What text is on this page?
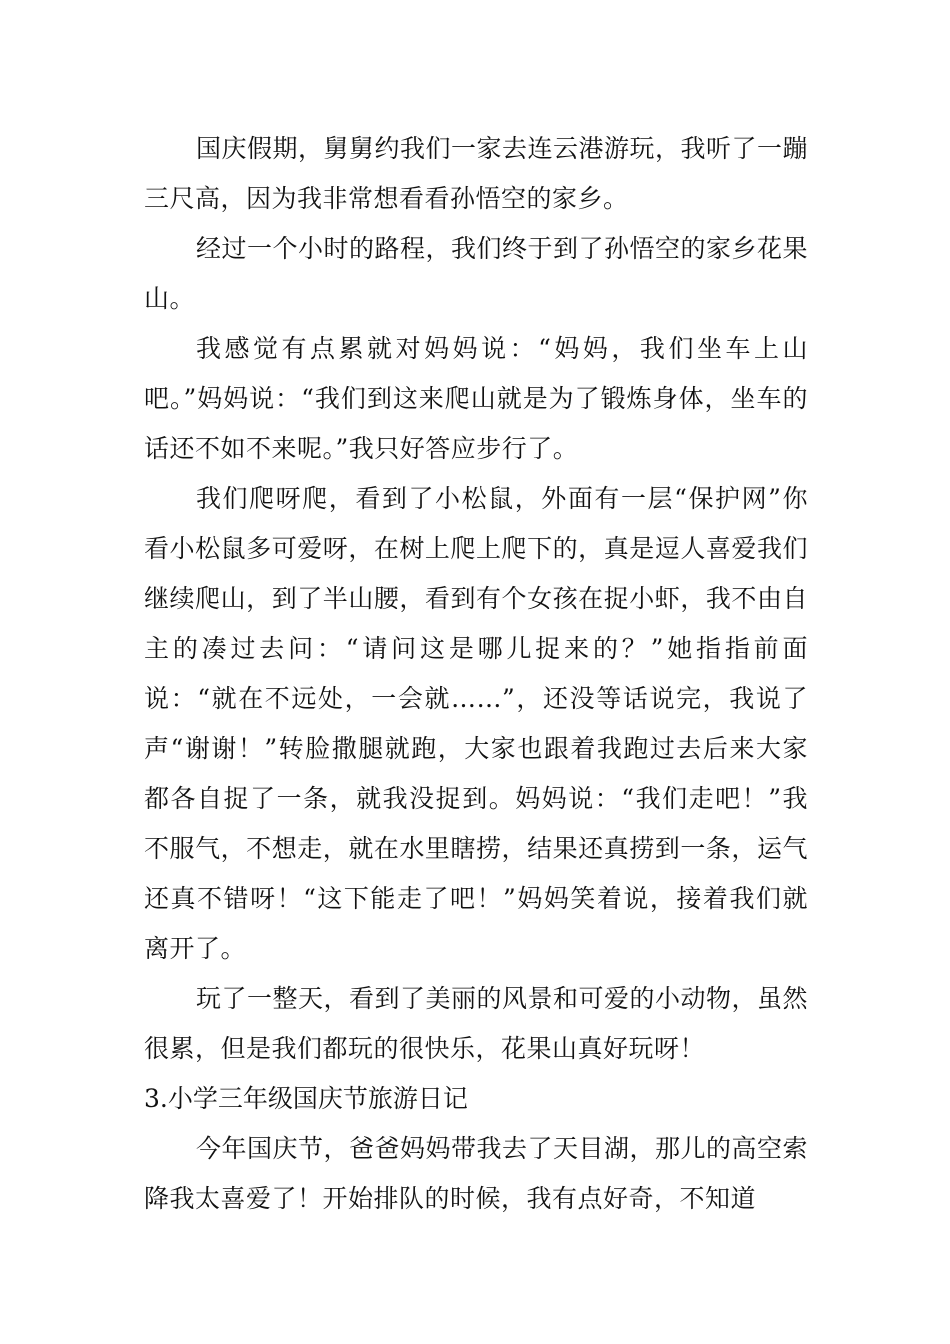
国庆假期，舅舅约我们一家去连云港游玩，我听了一蹦三尺高，因为我非常想看看孙悟空的家乡。

经过一个小时的路程，我们终于到了孙悟空的家乡花果山。

我感觉有点累就对妈妈说：“妈妈，我们坐车上山吧。”妈妈说：“我们到这来爬山就是为了锻炼身体，坐车的话还不如不来呢。”我只好答应步行了。

我们爬呀爬，看到了小松鼠，外面有一层“保护网”你看小松鼠多可爱呀，在树上爬上爬下的，真是逗人喜爱我们继续爬山，到了半山腰，看到有个女孩在捉小虾，我不由自主的凑过去问：“请问这是哪儿捉来的？”她指指前面说：“就在不远处，一会就……”，还没等话说完，我说了声“谢谢！”转脸撒腿就跑，大家也跟着我跑过去后来大家都各自捉了一条，就我没捉到。妈妈说：“我们走吧！”我不服气，不想走，就在水里瞎捞，结果还真捞到一条，运气还真不错呀！“这下能走了吧！”妈妈笑着说，接着我们就离开了。

玩了一整天，看到了美丽的风景和可爱的小动物，虽然很累，但是我们都玩的很快乐，花果山真好玩呀！

3.小学三年级国庆节旅游日记

今年国庆节，爸爸妈妈带我去了天目湖，那儿的高空索降我太喜爱了！开始排队的时候，我有点好奇，不知道
